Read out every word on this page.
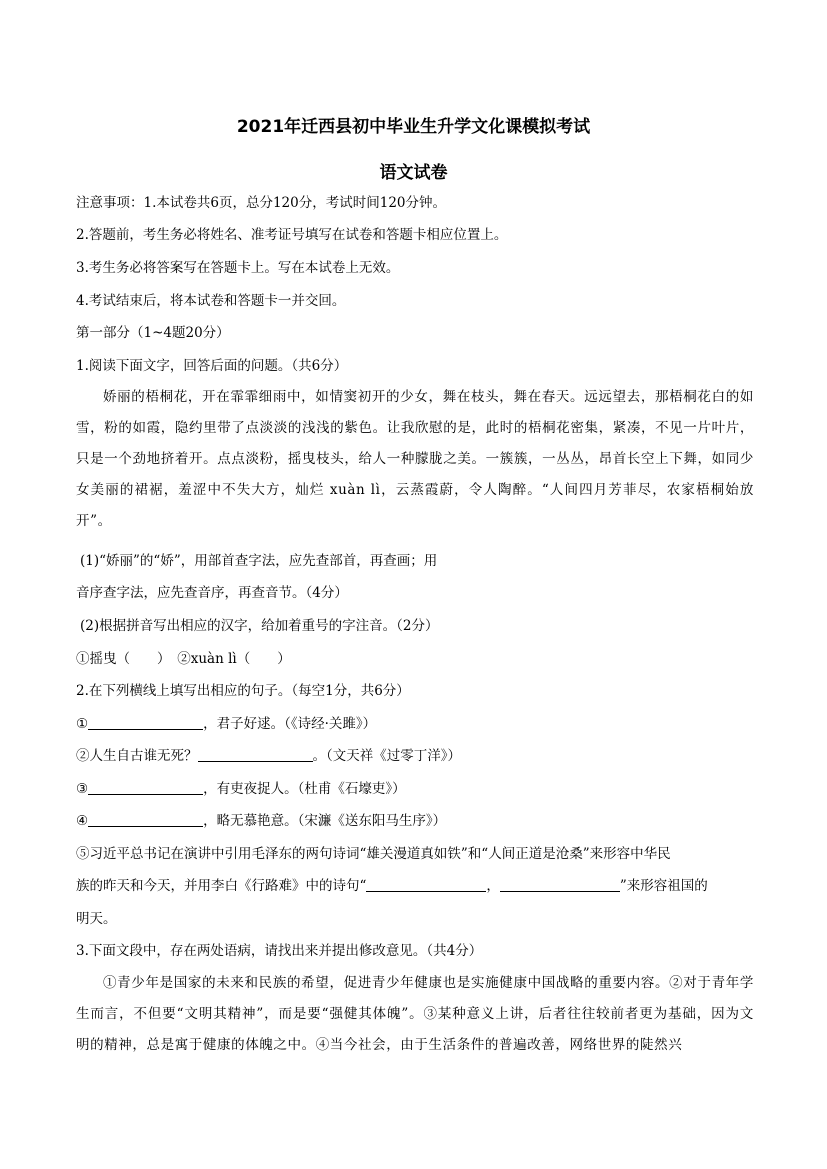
2021年迁西县初中毕业生升学文化课模拟考试
语文试卷
注意事项：1.本试卷共6页，总分120分，考试时间120分钟。
2.答题前，考生务必将姓名、准考证号填写在试卷和答题卡相应位置上。
3.考生务必将答案写在答题卡上。写在本试卷上无效。
4.考试结束后，将本试卷和答题卡一并交回。
第一部分（1~4题20分）
1.阅读下面文字，回答后面的问题。（共6分）
娇丽的梧桐花，开在霏霏细雨中，如情窦初开的少女，舞在枝头，舞在春天。远远望去，那梧桐花白的如雪，粉的如霞，隐约里带了点淡淡的浅浅的紫色。让我欣慰的是，此时的梧桐花密集，紧凑，不见一片叶片，只是一个劲地挤着开。点点淡粉，摇曳枝头，给人一种朦胧之美。一簇簇，一丛丛，昂首长空上下舞，如同少女美丽的裙裾，羞涩中不失大方，灿烂 xuàn lì，云蒸霞蔚，令人陶醉。“人间四月芳菲尽，农家梧桐始放开”。
(1)“娇丽”的“娇”，用部首查字法，应先查部首，再查画；用
音序查字法，应先查音序，再查音节。（4分）
(2)根据拼音写出相应的汉字，给加着重号的字注音。（2分）
①摇曳（　　）　②xuàn lì（　　）
2.在下列横线上填写出相应的句子。（每空1分，共6分）
①	，君子好逑。（《诗经·关雎》）
②人生自古谁无死？	。（文天祥《过零丁洋》）
③	，有吏夜捉人。（杜甫《石壕吏》）
④	，略无慕艳意。（宋濂《送东阳马生序》）
⑤习近平总书记在演讲中引用毛泽东的两句诗词“雄关漫道真如铁”和“人间正道是沧桑”来形容中华民
族的昨天和今天，并用李白《行路难》中的诗句“	，	”来形容祖国的
明天。
3.下面文段中，存在两处语病，请找出来并提出修改意见。（共4分）
①青少年是国家的未来和民族的希望，促进青少年健康也是实施健康中国战略的重要内容。②对于青年学生而言，不但要“文明其精神”，而是要“强健其体魄”。③某种意义上讲，后者往往较前者更为基础，因为文明的精神，总是寓于健康的体魄之中。④当今社会，由于生活条件的普遍改善，网络世界的陡然兴
